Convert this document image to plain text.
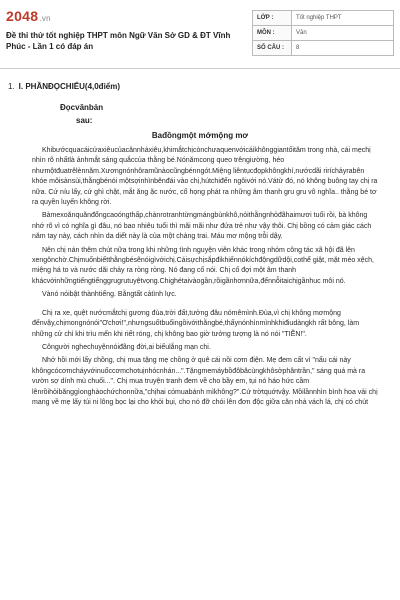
2048.vn
Đề thi thử tốt nghiệp THPT môn Ngữ Văn Sở GD & ĐT Vĩnh Phúc - Lần 1 có đáp án
LỚP :	Tốt nghiệp THPT
MÔN :	Văn
SỐ CÂU :	8
1. I. PHẦNĐỌCHIỂU(4,0điểm)
Đọcvănbản
sau:
Bađồngmột mớmộng mơ

Khibướcquacáicửaxiêucủacănnhàxiêu,khimắtchịcònchưaquenvớicáikhônggiantốităm trong nhà, cái mẹchị nhìn rõ nhấtlà ảnhmắt sáng quắccủa thằng bé.Nónămcong queo trêngiường, héo nhưmộtđuatrêlènnăm.Xươngnónhôramũnàocũngbénngót.Miệng liêntụcđọpkhôngkhí,nướcdãi riríchảyrabên khóe môisànsùi,thằngbénói mộtsợinhìnbênđái vào chị,hútchiđến ngôivới nó.Vátừ đó, nó không buông tay chị ra nữa. Cứ níu lấy, cứ ghì chặt, mắt ăng ặc nước, cổ họng phát ra những âm thanh gru gru vô nghĩa.. thằng bé tơ ra quyền luyến không rời.

Bàmexoănquănđổngcaoóngthấp,chànrotranhtừngmángbùnkhô,nóithằngnhỏđãhaimươi tuổi rồi, bà không nhớ rõ vì có nghĩa gì đâu, nó bao nhiêu tuổi thì mãi mãi như đứa trẻ như vậy thôi. Chị bồng có cảm giác cách năm tay này, cách nhìn da diết này là của một chàng trai. Máu mơ mộng trỗi dậy.

Nên chị nán thêm chút nữa trong khi những tình nguyện viên khác trong nhóm công tác xã hội đã lên xengônchờ.Chịmuốnbiếtthằngbésẽnóigìvớichị.Cáisựchịsắpđikhiếnnókíchđộngdữdội,cothể giật, mặt méo xệch, miệng há to và nước dãi chảy ra ròng ròng. Nó đang cố nói. Chị cố đợi một âm thanh khácvớinhữngtiếngtiếnggrugrutuyệtvọng.Chighétaivàogần,rồigầnhơnnữa,đếnnỗitaichịgầnhuc môi nó.

Vànó nóibật thànhtiếng. Bằngtất cảtình lực.

Chị ra xe, quệt nướcmắtchị gương đùa,trời đất,tưởng đâu nómêmình.Đùa,vì chị không mơmộng đếnvậy,chịmongnónói"Ơchơi!",nhưngsuốtbuổingồivớithằngbé,thấynónhìnmìnhkhiđiudàngkh rất bông, làm những cử chỉ khi trìu mến khi riết róng, chị không bao giờ tưởng tượng là nó nói "TIỀN!".

Côngười nghechuyệnnóiđãng đời,ai biếulắng mạn chi.

Nhớ hồi mới lấy chồng, chị mua tặng mẹ chồng ở quê cái nồi cơm điện. Mẹ đem cất vì "nấu cái này khôngcócơmcháyvớinuốccơmchotuịnhócnhán...".Tặngmemáybồđôbăcùngkhôsởphântrần," sáng quá mà ra vườn sợ dính mù chuối...". Chị mua truyện tranh đem về cho bầy em, tụi nó háo hức cầm lênrồihỏibănggìonghàochứchonnữa,"chịhai cómuabánh mìkhông?".Cứ trờtquớtvậy. Mồilầnnhìn bình hoa vải chị mang về mẹ lấy túi ni lông bọc lại cho khỏi bụi, cho nó đỡ chói lên đơn độc giữa căn nhà vách lá, chị có chút
